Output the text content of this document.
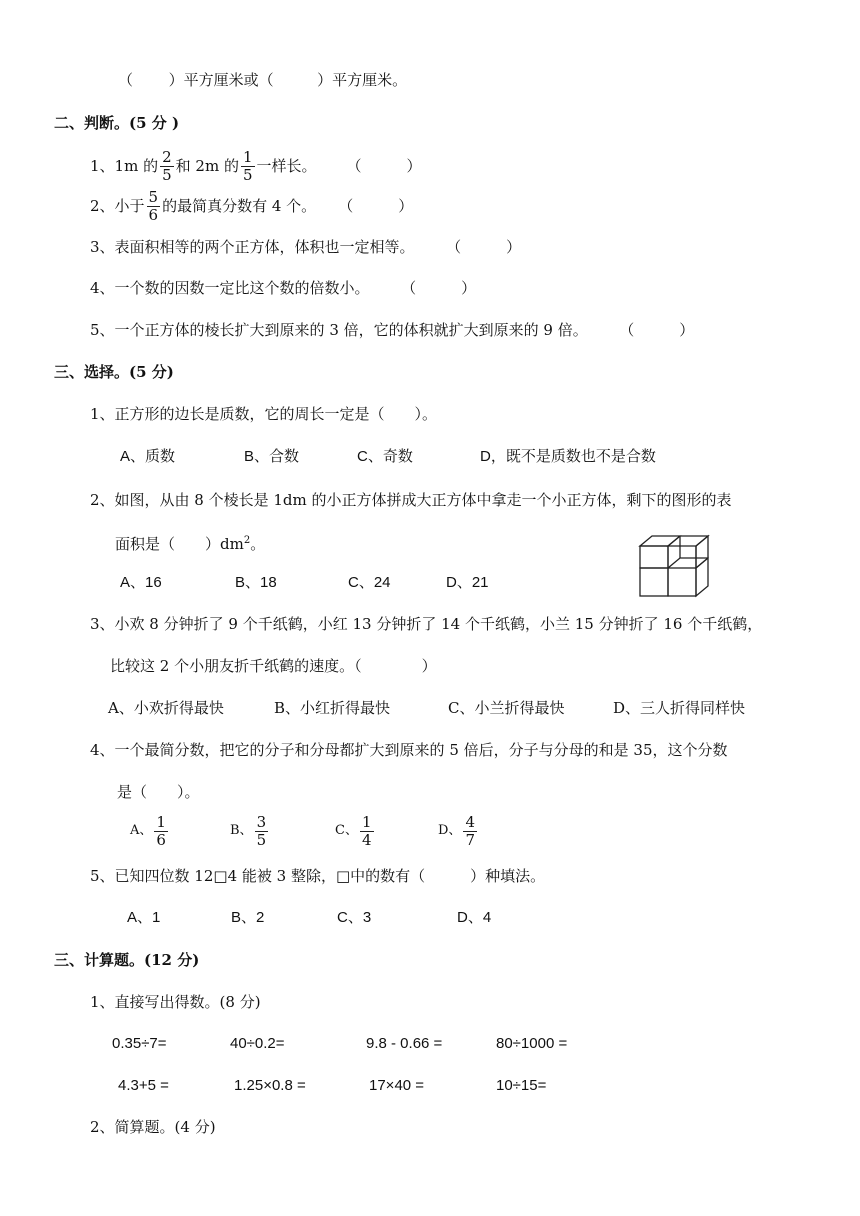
（ ）平方厘米或（	）平方厘米。
二、判断。(5 分 )
1、1m 的 $\frac{2}{5}$ 和 2m 的 $\frac{1}{5}$ 一样长。 （　　　）
2、小于 $\frac{5}{6}$ 的最简真分数有 4 个。 （　　　）
3、表面积相等的两个正方体，体积也一定相等。 （　　　）
4、一个数的因数一定比这个数的倍数小。 （　　　）
5、一个正方体的棱长扩大到原来的 3 倍，它的体积就扩大到原来的 9 倍。 （　　　）
三、选择。(5 分)
1、正方形的边长是质数，它的周长一定是（　　）。
A、质数	B、合数	C、奇数	D，既不是质数也不是合数
2、如图，从由 8 个棱长是 1dm 的小正方体拼成大正方体中拿走一个小正方体，剩下的图形的表
面积是（　　）$dm^2$。
A、16	B、18	C、24	D、21
3、小欢 8 分钟折了 9 个千纸鹤，小红 13 分钟折了 14 个千纸鹤，小兰 15 分钟折了 16 个千纸鹤，
比较这 2 个小朋友折千纸鹤的速度。（　　　　）
A、小欢折得最快	B、小红折得最快	C、小兰折得最快	D、三人折得同样快
4、一个最简分数，把它的分子和分母都扩大到原来的 5 倍后，分子与分母的和是 35，这个分数
是（　　）。
A、 $\frac{1}{6}$	B、 $\frac{3}{5}$	C、 $\frac{1}{4}$	D、 $\frac{4}{7}$
5、已知四位数 12□4 能被 3 整除，□中的数有（　　　）种填法。
A、1	B、2	C、3	D、4
三、计算题。(12 分)
1、直接写出得数。(8 分)
0.35÷7=	40÷0.2=	9.8 - 0.66 =	80÷1000 =
4.3+5 =	1.25×0.8 =	17×40 =	10÷15=
2、简算题。(4 分)
